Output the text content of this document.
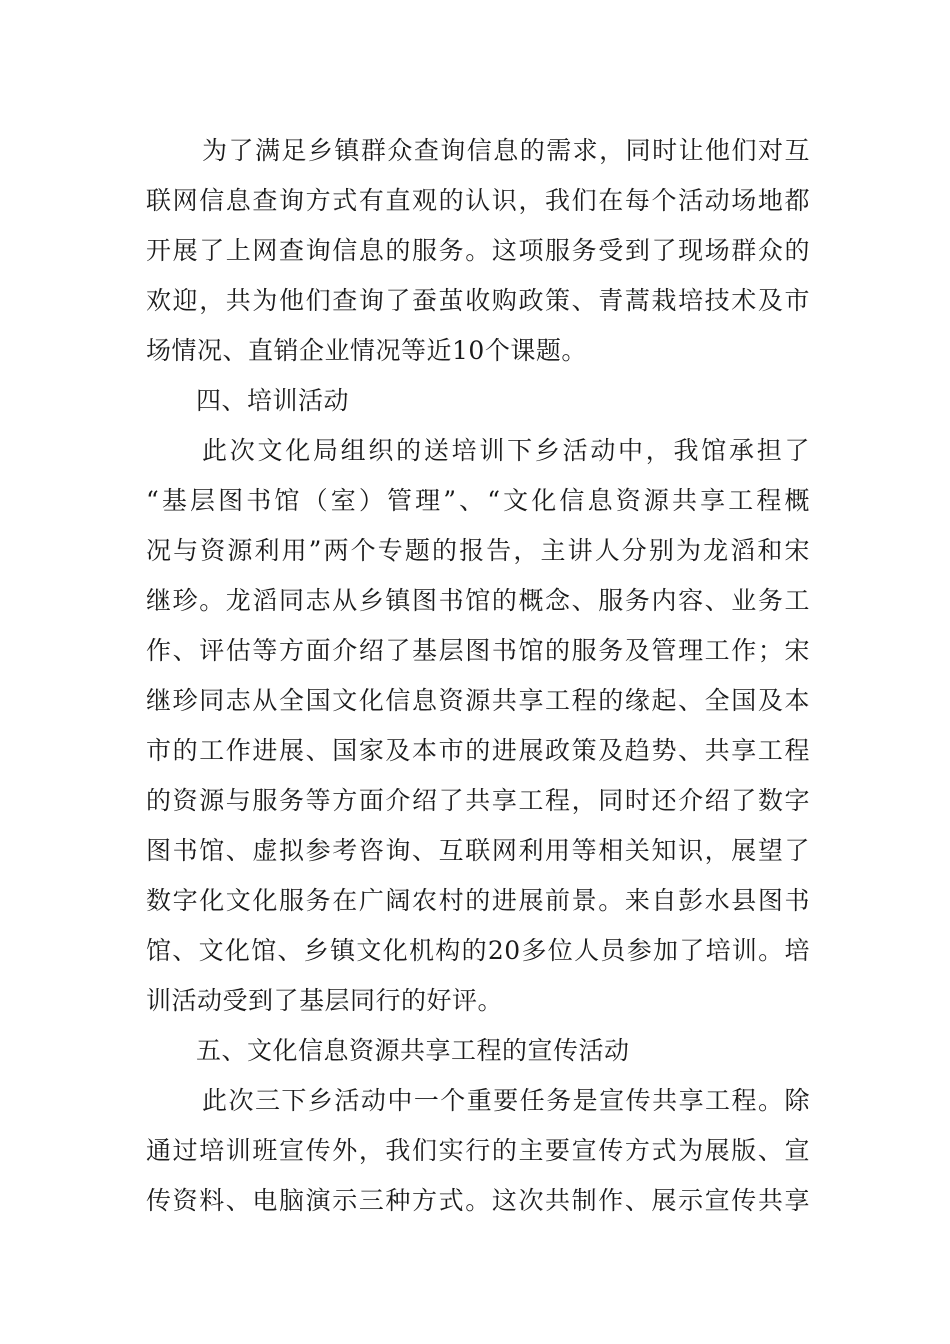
为了满足乡镇群众查询信息的需求，同时让他们对互
联网信息查询方式有直观的认识，我们在每个活动场地都
开展了上网查询信息的服务。这项服务受到了现场群众的
欢迎，共为他们查询了蚕茧收购政策、青蒿栽培技术及市
场情况、直销企业情况等近10个课题。
四、培训活动
此次文化局组织的送培训下乡活动中，我馆承担了
“基层图书馆（室）管理”、“文化信息资源共享工程概
况与资源利用”两个专题的报告，主讲人分别为龙滔和宋
继珍。龙滔同志从乡镇图书馆的概念、服务内容、业务工
作、评估等方面介绍了基层图书馆的服务及管理工作；宋
继珍同志从全国文化信息资源共享工程的缘起、全国及本
市的工作进展、国家及本市的进展政策及趋势、共享工程
的资源与服务等方面介绍了共享工程，同时还介绍了数字
图书馆、虚拟参考咨询、互联网利用等相关知识，展望了
数字化文化服务在广阔农村的进展前景。来自彭水县图书
馆、文化馆、乡镇文化机构的20多位人员参加了培训。培
训活动受到了基层同行的好评。
五、文化信息资源共享工程的宣传活动
此次三下乡活动中一个重要任务是宣传共享工程。除
通过培训班宣传外，我们实行的主要宣传方式为展版、宣
传资料、电脑演示三种方式。这次共制作、展示宣传共享
